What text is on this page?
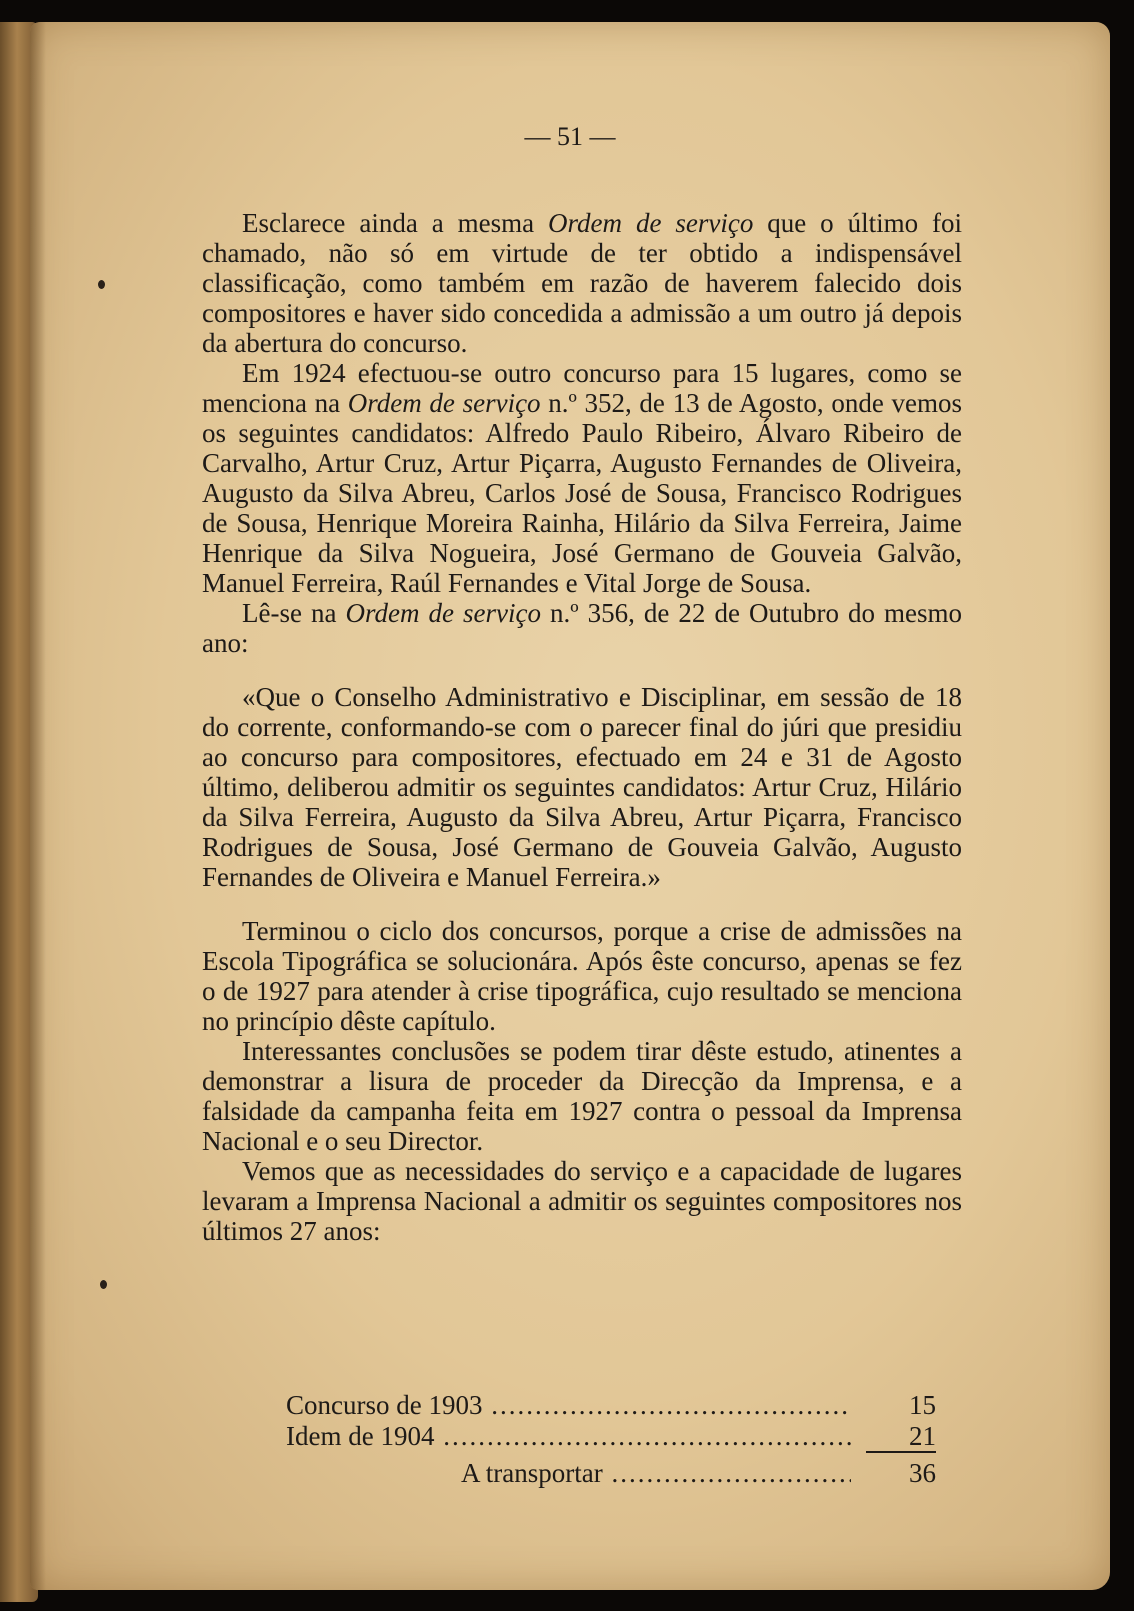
— 51 —

Esclarece ainda a mesma Ordem de serviço que o último foi chamado, não só em virtude de ter obtido a indispensável classificação, como também em razão de haverem falecido dois compositores e haver sido concedida a admissão a um outro já depois da abertura do concurso.

Em 1924 efectuou-se outro concurso para 15 lugares, como se menciona na Ordem de serviço n.º 352, de 13 de Agosto, onde vemos os seguintes candidatos: Alfredo Paulo Ribeiro, Álvaro Ribeiro de Carvalho, Artur Cruz, Artur Piçarra, Augusto Fernandes de Oliveira, Augusto da Silva Abreu, Carlos José de Sousa, Francisco Rodrigues de Sousa, Henrique Moreira Rainha, Hilário da Silva Ferreira, Jaime Henrique da Silva Nogueira, José Germano de Gouveia Galvão, Manuel Ferreira, Raúl Fernandes e Vital Jorge de Sousa.

Lê-se na Ordem de serviço n.º 356, de 22 de Outubro do mesmo ano:

«Que o Conselho Administrativo e Disciplinar, em sessão de 18 do corrente, conformando-se com o parecer final do júri que presidiu ao concurso para compositores, efectuado em 24 e 31 de Agosto último, deliberou admitir os seguintes candidatos: Artur Cruz, Hilário da Silva Ferreira, Augusto da Silva Abreu, Artur Piçarra, Francisco Rodrigues de Sousa, José Germano de Gouveia Galvão, Augusto Fernandes de Oliveira e Manuel Ferreira.»

Terminou o ciclo dos concursos, porque a crise de admissões na Escola Tipográfica se solucionára. Após êste concurso, apenas se fez o de 1927 para atender à crise tipográfica, cujo resultado se menciona no princípio dêste capítulo.

Interessantes conclusões se podem tirar dêste estudo, atinentes a demonstrar a lisura de proceder da Direcção da Imprensa, e a falsidade da campanha feita em 1927 contra o pessoal da Imprensa Nacional e o seu Director.

Vemos que as necessidades do serviço e a capacidade de lugares levaram a Imprensa Nacional a admitir os seguintes compositores nos últimos 27 anos:

Concurso de 1903 .....	15
Idem de 1904 .....	21
A transportar .....	36
